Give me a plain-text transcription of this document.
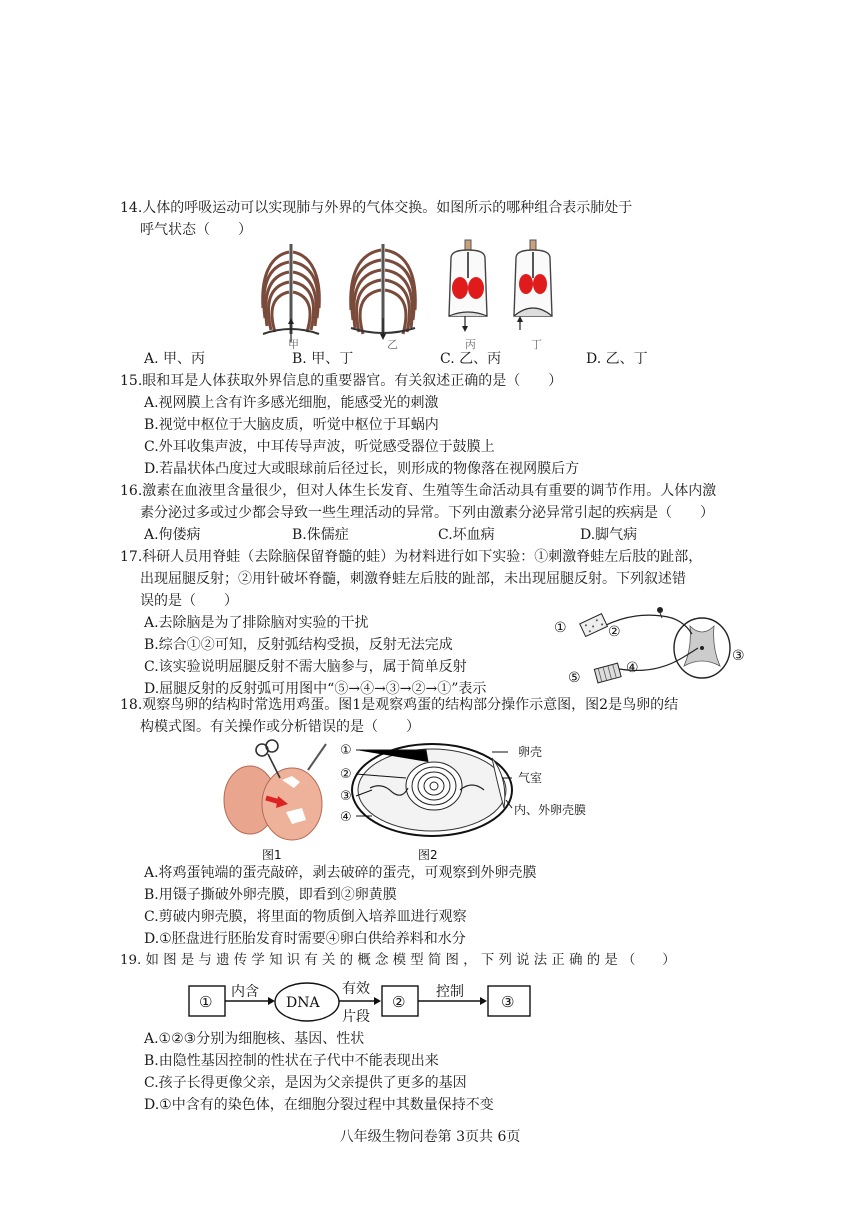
14.人体的呼吸运动可以实现肺与外界的气体交换。如图所示的哪种组合表示肺处于
呼气状态（　　）
甲	乙	丙	丁
A. 甲、丙	B. 甲、丁	C. 乙、丙	D. 乙、丁
15.眼和耳是人体获取外界信息的重要器官。有关叙述正确的是（　　）
A.视网膜上含有许多感光细胞，能感受光的刺激
B.视觉中枢位于大脑皮质，听觉中枢位于耳蜗内
C.外耳收集声波，中耳传导声波，听觉感受器位于鼓膜上
D.若晶状体凸度过大或眼球前后径过长，则形成的物像落在视网膜后方
16.激素在血液里含量很少，但对人体生长发育、生殖等生命活动具有重要的调节作用。人体内激
素分泌过多或过少都会导致一些生理活动的异常。下列由激素分泌异常引起的疾病是（　　）
A.佝偻病	B.侏儒症	C.坏血病	D.脚气病
17.科研人员用脊蛙（去除脑保留脊髓的蛙）为材料进行如下实验：①刺激脊蛙左后肢的趾部，
出现屈腿反射；②用针破坏脊髓，刺激脊蛙左后肢的趾部，未出现屈腿反射。下列叙述错
误的是（　　）
A.去除脑是为了排除脑对实验的干扰
B.综合①②可知，反射弧结构受损，反射无法完成
C.该实验说明屈腿反射不需大脑参与，属于简单反射
D.屈腿反射的反射弧可用图中“⑤→④→③→②→①”表示
①	②
③
④
⑤
18.观察鸟卵的结构时常选用鸡蛋。图1是观察鸡蛋的结构部分操作示意图，图2是鸟卵的结
构模式图。有关操作或分析错误的是（　　）
图1
①
②
③
④
卵壳
气室
内、外卵壳膜
图2
A.将鸡蛋钝端的蛋壳敲碎，剥去破碎的蛋壳，可观察到外卵壳膜
B.用镊子撕破外卵壳膜，即看到②卵黄膜
C.剪破内卵壳膜，将里面的物质倒入培养皿进行观察
D.①胚盘进行胚胎发育时需要④卵白供给养料和水分
19. 如 图 是 与 遗 传 学 知 识 有 关 的 概 念 模 型 简 图 ， 下 列 说 法 正 确 的 是 （　　）
①
内含
DNA
有效
片段
②
控制
③
A.①②③分别为细胞核、基因、性状
B.由隐性基因控制的性状在子代中不能表现出来
C.孩子长得更像父亲，是因为父亲提供了更多的基因
D.①中含有的染色体，在细胞分裂过程中其数量保持不变
八年级生物问卷第 3页共 6页
